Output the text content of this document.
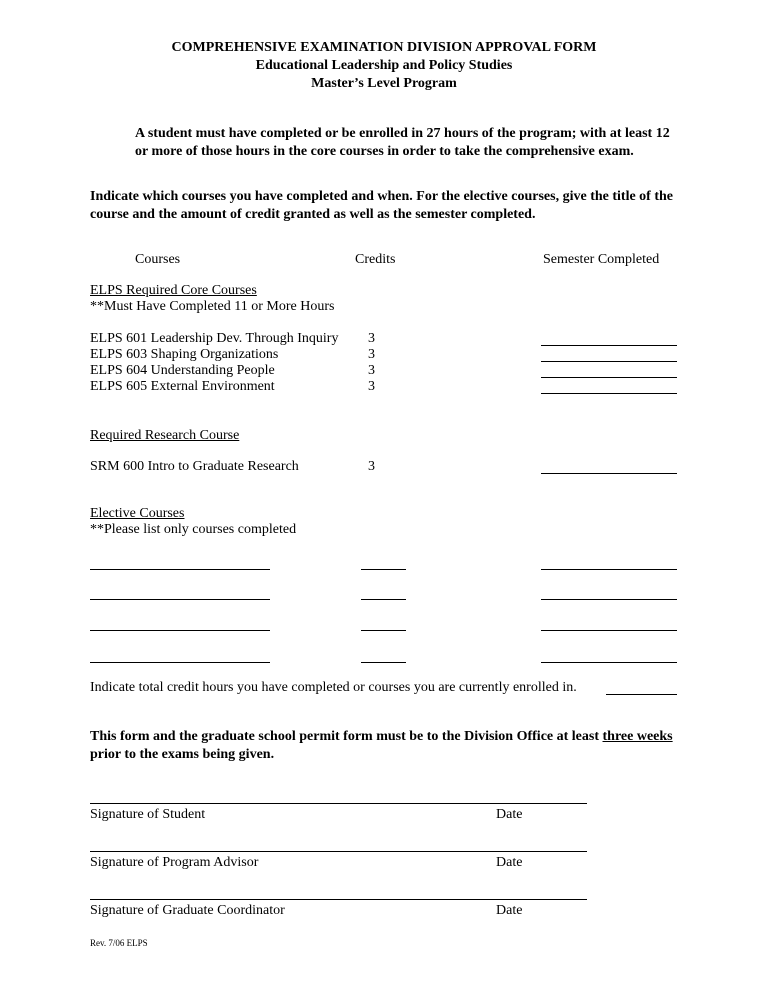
COMPREHENSIVE EXAMINATION DIVISION APPROVAL FORM
Educational Leadership and Policy Studies
Master’s Level Program
A student must have completed or be enrolled in 27 hours of the program; with at least 12 or more of those hours in the core courses in order to take the comprehensive exam.
Indicate which courses you have completed and when. For the elective courses, give the title of the course and the amount of credit granted as well as the semester completed.
Courses	Credits	Semester Completed
ELPS Required Core Courses
**Must Have Completed 11 or More Hours
ELPS 601 Leadership Dev. Through Inquiry 3
ELPS 603 Shaping Organizations	3
ELPS 604 Understanding People	3
ELPS 605 External Environment	3
Required Research Course
SRM 600 Intro to Graduate Research	3
Elective Courses
**Please list only courses completed
Indicate total credit hours you have completed or courses you are currently enrolled in.
This form and the graduate school permit form must be to the Division Office at least three weeks prior to the exams being given.
Signature of Student	Date
Signature of Program Advisor	Date
Signature of Graduate Coordinator	Date
Rev. 7/06 ELPS
